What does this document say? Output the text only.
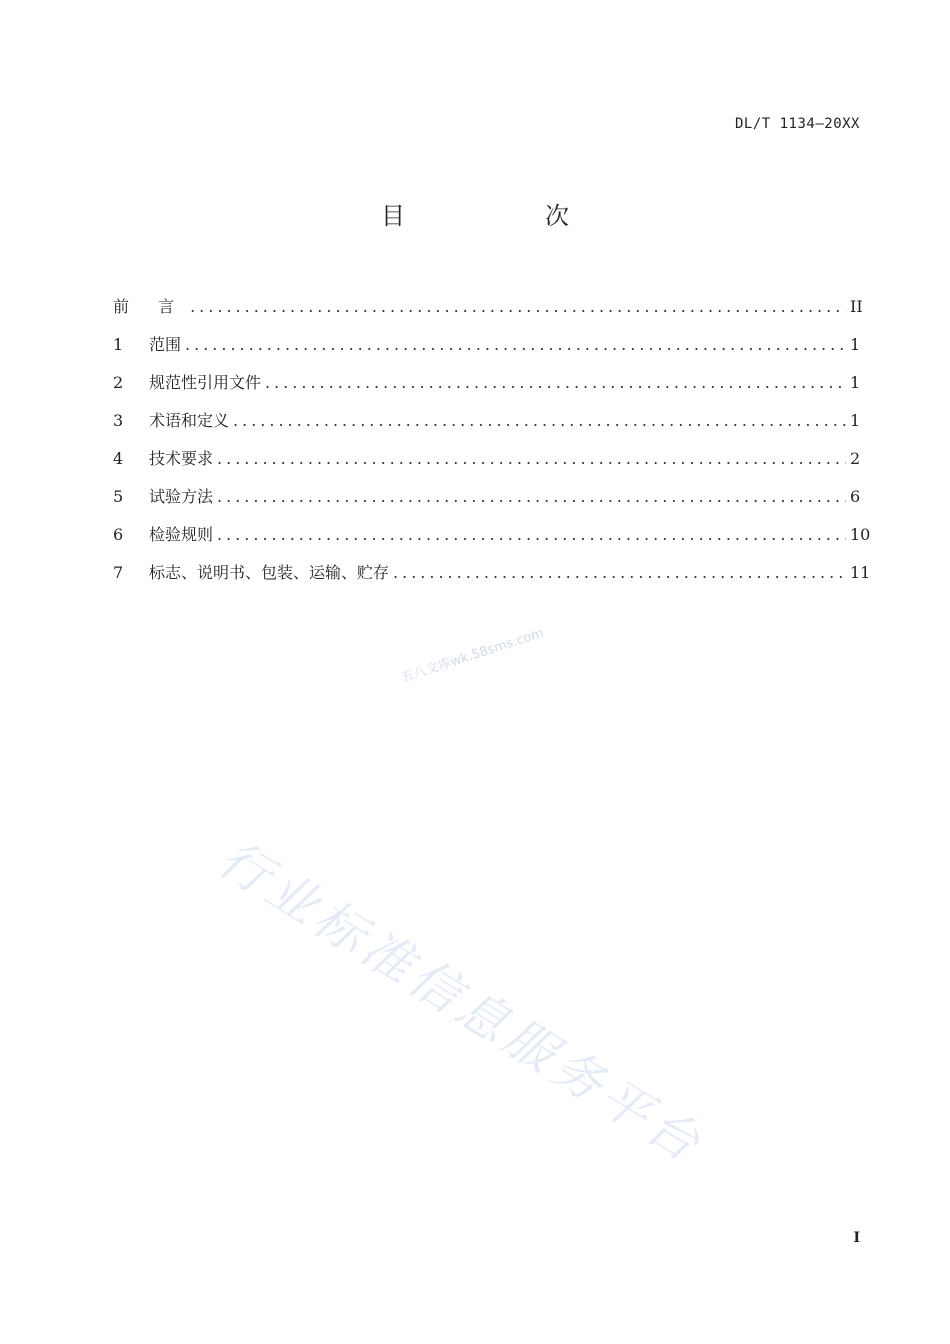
DL/T 1134—20XX
目　次
前 言 .....	II
1	范围 .....	1
2	规范性引用文件 .....	1
3	术语和定义 .....	1
4	技术要求 .....	2
5	试验方法 .....	6
6	检验规则 .....	10
7	标志、说明书、包装、运输、贮存 .....	11
五八文库wk.58sms.com
行业标准信息服务平台
I
